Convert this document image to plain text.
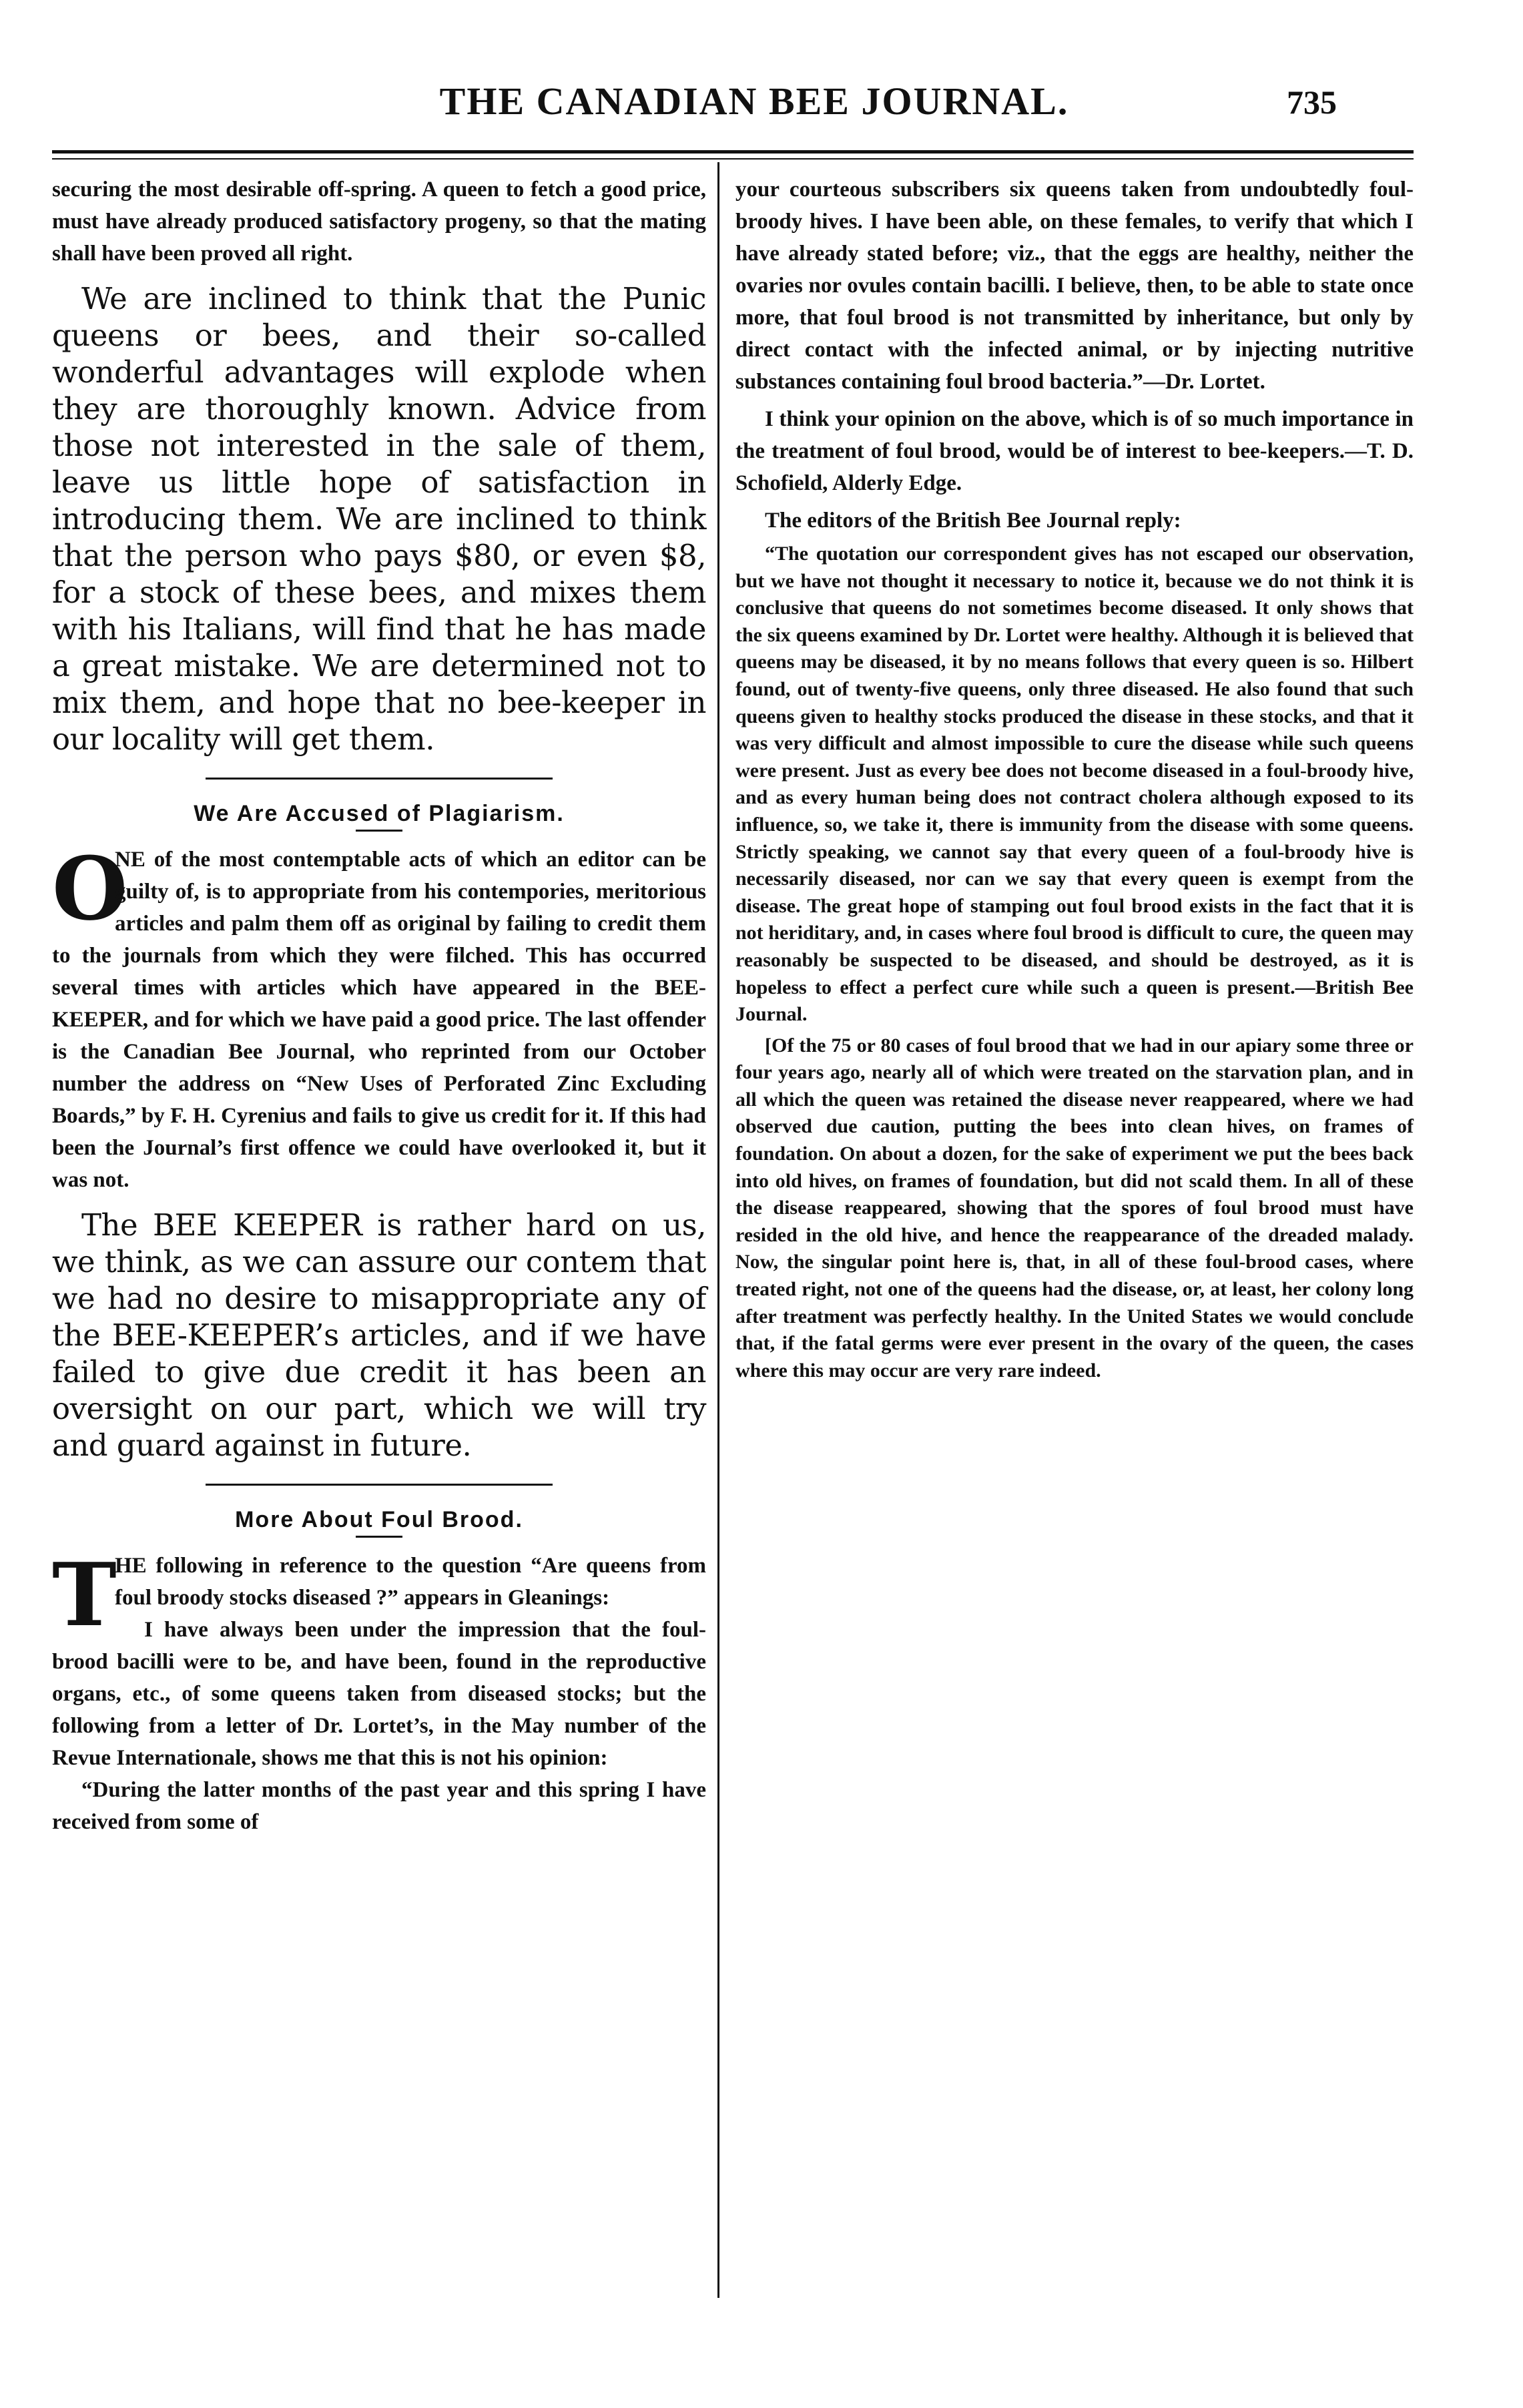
THE CANADIAN BEE JOURNAL.	735

securing the most desirable off-spring. A queen to fetch a good price, must have already produced satisfactory progeny, so that the mating shall have been proved all right.

We are inclined to think that the Punic queens or bees, and their so-called wonderful advantages will explode when they are thoroughly known. Advice from those not interested in the sale of them, leave us little hope of satisfaction in introducing them. We are inclined to think that the person who pays $80, or even $8, for a stock of these bees, and mixes them with his Italians, will find that he has made a great mistake. We are determined not to mix them, and hope that no bee-keeper in our locality will get them.

We Are Accused of Plagiarism.
O

NE of the most contemptable acts of which an editor can be guilty of, is to appropriate from his contempories, meritorious articles and palm them off as original by failing to credit them to the journals from which they were filched. This has occurred several times with articles which have appeared in the BEE-KEEPER, and for which we have paid a good price. The last offender is the Canadian Bee Journal, who reprinted from our October number the address on “New Uses of Perforated Zinc Excluding Boards,” by F. H. Cyrenius and fails to give us credit for it. If this had been the Journal’s first offence we could have overlooked it, but it was not.

The BEE KEEPER is rather hard on us, we think, as we can assure our contem that we had no desire to misappropriate any of the BEE-KEEPER’s articles, and if we have failed to give due credit it has been an oversight on our part, which we will try and guard against in future.

More About Foul Brood.
T

HE following in reference to the question “Are queens from foul broody stocks diseased ?” appears in Gleanings:

I have always been under the impression that the foul-brood bacilli were to be, and have been, found in the reproductive organs, etc., of some queens taken from diseased stocks; but the following from a letter of Dr. Lortet’s, in the May number of the Revue Internationale, shows me that this is not his opinion:

“During the latter months of the past year and this spring I have received from some of

your courteous subscribers six queens taken from undoubtedly foul-broody hives. I have been able, on these females, to verify that which I have already stated before; viz., that the eggs are healthy, neither the ovaries nor ovules contain bacilli. I believe, then, to be able to state once more, that foul brood is not transmitted by inheritance, but only by direct contact with the infected animal, or by injecting nutritive substances containing foul brood bacteria.”—Dr. Lortet.

I think your opinion on the above, which is of so much importance in the treatment of foul brood, would be of interest to bee-keepers.—T. D. Schofield, Alderly Edge.

The editors of the British Bee Journal reply:

“The quotation our correspondent gives has not escaped our observation, but we have not thought it necessary to notice it, because we do not think it is conclusive that queens do not sometimes become diseased. It only shows that the six queens examined by Dr. Lortet were healthy. Although it is believed that queens may be diseased, it by no means follows that every queen is so. Hilbert found, out of twenty-five queens, only three diseased. He also found that such queens given to healthy stocks produced the disease in these stocks, and that it was very difficult and almost impossible to cure the disease while such queens were present. Just as every bee does not become diseased in a foul-broody hive, and as every human being does not contract cholera although exposed to its influence, so, we take it, there is immunity from the disease with some queens. Strictly speaking, we cannot say that every queen of a foul-broody hive is necessarily diseased, nor can we say that every queen is exempt from the disease. The great hope of stamping out foul brood exists in the fact that it is not heriditary, and, in cases where foul brood is difficult to cure, the queen may reasonably be suspected to be diseased, and should be destroyed, as it is hopeless to effect a perfect cure while such a queen is present.—British Bee Journal.

[Of the 75 or 80 cases of foul brood that we had in our apiary some three or four years ago, nearly all of which were treated on the starvation plan, and in all which the queen was retained the disease never reappeared, where we had observed due caution, putting the bees into clean hives, on frames of foundation. On about a dozen, for the sake of experiment we put the bees back into old hives, on frames of foundation, but did not scald them. In all of these the disease reappeared, showing that the spores of foul brood must have resided in the old hive, and hence the reappearance of the dreaded malady. Now, the singular point here is, that, in all of these foul-brood cases, where treated right, not one of the queens had the disease, or, at least, her colony long after treatment was perfectly healthy. In the United States we would conclude that, if the fatal germs were ever present in the ovary of the queen, the cases where this may occur are very rare indeed.
